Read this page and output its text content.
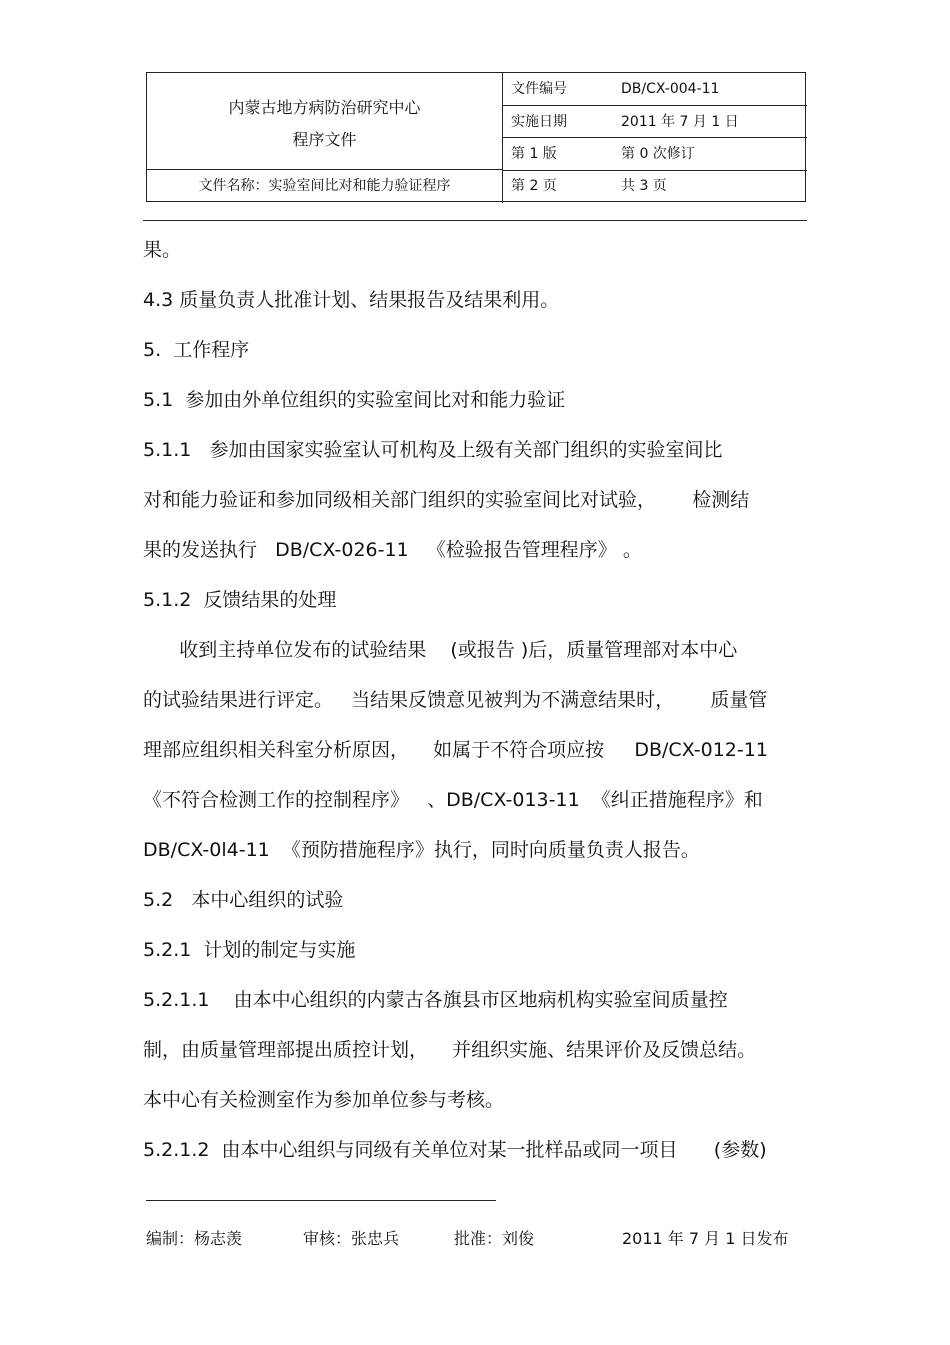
内蒙古地方病防治研究中心
程序文件
文件名称：实验室间比对和能力验证程序
文件编号	DB/CX-004-11
实施日期	2011 年 7 月 1 日
第 1 版	第 0 次修订
第 2 页	共 3 页
果。
4.3 质量负责人批准计划、结果报告及结果利用。
5.  工作程序
5.1  参加由外单位组织的实验室间比对和能力验证
5.1.1   参加由国家实验室认可机构及上级有关部门组织的实验室间比
对和能力验证和参加同级相关部门组织的实验室间比对试验，      检测结
果的发送执行   DB/CX-026-11   《检验报告管理程序》 。
5.1.2  反馈结果的处理
收到主持单位发布的试验结果    (或报告 )后，质量管理部对本中心
的试验结果进行评定。   当结果反馈意见被判为不满意结果时，      质量管
理部应组织相关科室分析原因，    如属于不符合项应按     DB/CX-012-11
《不符合检测工作的控制程序》   、DB/CX-013-11  《纠正措施程序》和
DB/CX-0l4-11  《预防措施程序》执行，同时向质量负责人报告。
5.2   本中心组织的试验
5.2.1  计划的制定与实施
5.2.1.1    由本中心组织的内蒙古各旗县市区地病机构实验室间质量控
制，由质量管理部提出质控计划，    并组织实施、结果评价及反馈总结。
本中心有关检测室作为参加单位参与考核。
5.2.1.2  由本中心组织与同级有关单位对某一批样品或同一项目      (参数)
编制：杨志羡	审核：张忠兵	批准：刘俊	2011 年 7 月 1 日发布
